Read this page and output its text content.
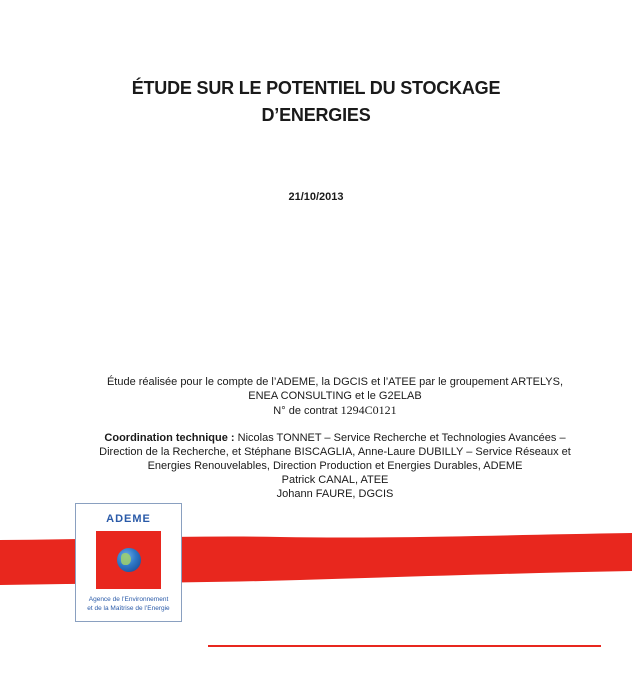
ÉTUDE SUR LE POTENTIEL DU STOCKAGE
D’ENERGIES
21/10/2013
Étude réalisée pour le compte de l’ADEME, la DGCIS et l’ATEE par le groupement ARTELYS,
ENEA CONSULTING et le G2ELAB
N° de contrat 1294C0121
Coordination technique : Nicolas TONNET – Service Recherche et Technologies Avancées –
Direction de la Recherche, et Stéphane BISCAGLIA, Anne-Laure DUBILLY – Service Réseaux et
Energies Renouvelables, Direction Production et Energies Durables, ADEME
Patrick CANAL, ATEE
Johann FAURE, DGCIS
ADEME
Agence de l’Environnement
et de la Maîtrise de l’Energie
